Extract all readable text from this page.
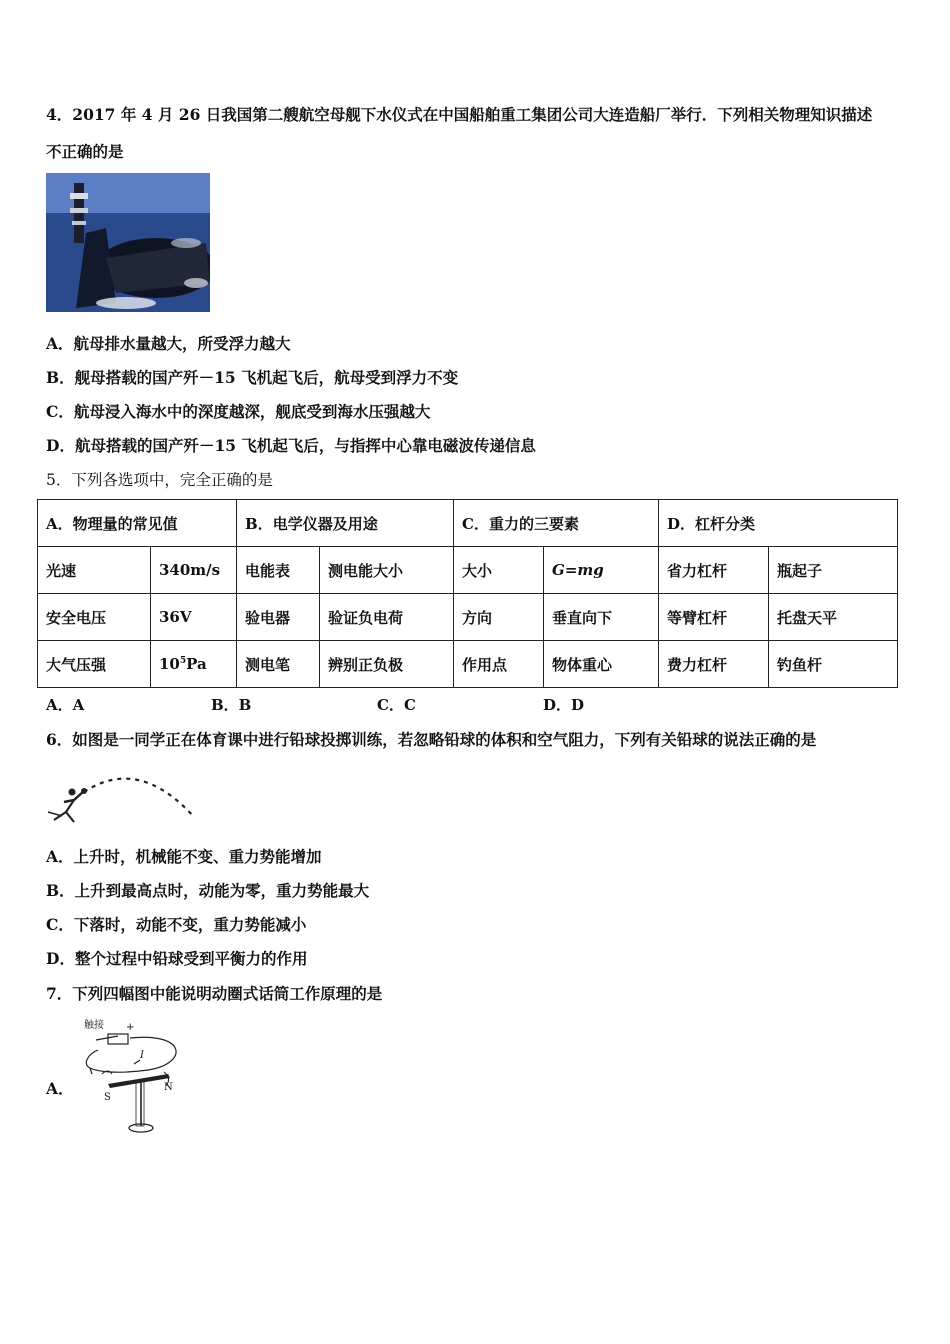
4．2017 年 4 月 26 日我国第二艘航空母舰下水仪式在中国船舶重工集团公司大连造船厂举行．下列相关物理知识描述
不正确的是
A．航母排水量越大，所受浮力越大
B．舰母搭载的国产歼－15 飞机起飞后，航母受到浮力不变
C．航母浸入海水中的深度越深，舰底受到海水压强越大
D．航母搭载的国产歼－15 飞机起飞后，与指挥中心靠电磁波传递信息
5．下列各选项中，完全正确的是
A．物理量的常见值		B．电学仪器及用途		C．重力的三要素		D．杠杆分类	
光速	340m/s	电能表	测电能大小	大小	G=mg	省力杠杆	瓶起子
安全电压	36V	验电器	验证负电荷	方向	垂直向下	等臂杠杆	托盘天平
大气压强	$10^5Pa$	测电笔	辨别正负极	作用点	物体重心	费力杠杆	钓鱼杆
A．A	B．B	C．C	D．D
6．如图是一同学正在体育课中进行铅球投掷训练，若忽略铅球的体积和空气阻力，下列有关铅球的说法正确的是
A．上升时，机械能不变、重力势能增加
B．上升到最高点时，动能为零，重力势能最大
C．下落时，动能不变，重力势能减小
D．整个过程中铅球受到平衡力的作用
7．下列四幅图中能说明动圈式话筒工作原理的是
A．
触接 +
I
S
N
